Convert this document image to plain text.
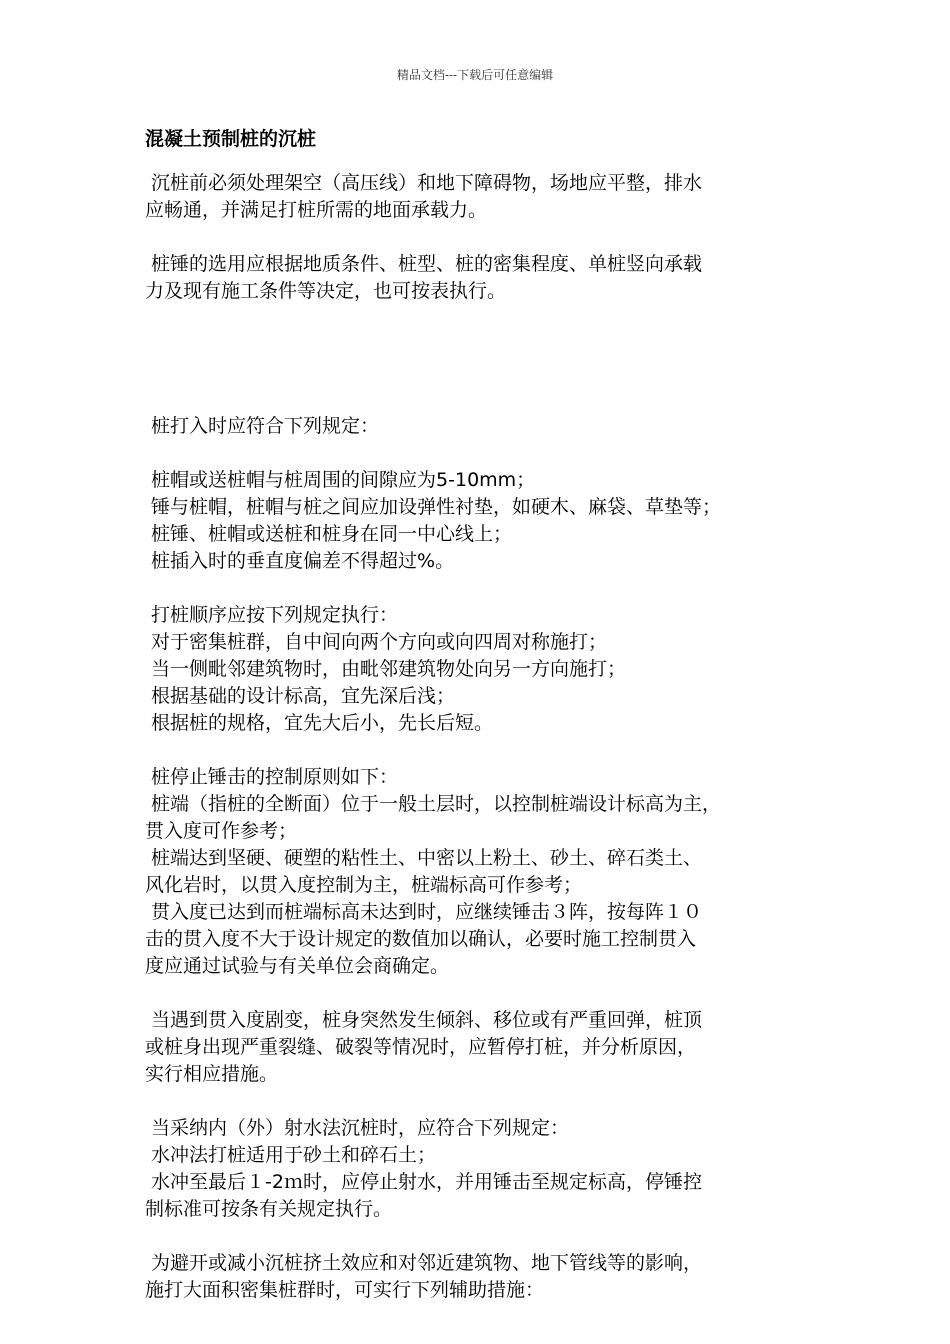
精品文档---下载后可任意编辑
混凝土预制桩的沉桩
沉桩前必须处理架空（高压线）和地下障碍物，场地应平整，排水
应畅通，并满足打桩所需的地面承载力。
桩锤的选用应根据地质条件、桩型、桩的密集程度、单桩竖向承载
力及现有施工条件等决定，也可按表执行。
桩打入时应符合下列规定：
桩帽或送桩帽与桩周围的间隙应为5-10mm；
锤与桩帽，桩帽与桩之间应加设弹性衬垫，如硬木、麻袋、草垫等；
桩锤、桩帽或送桩和桩身在同一中心线上；
桩插入时的垂直度偏差不得超过%。
打桩顺序应按下列规定执行：
对于密集桩群，自中间向两个方向或向四周对称施打；
当一侧毗邻建筑物时，由毗邻建筑物处向另一方向施打；
根据基础的设计标高，宜先深后浅；
根据桩的规格，宜先大后小，先长后短。
桩停止锤击的控制原则如下：
桩端（指桩的全断面）位于一般土层时，以控制桩端设计标高为主，
贯入度可作参考；
桩端达到坚硬、硬塑的粘性土、中密以上粉土、砂土、碎石类土、
风化岩时，以贯入度控制为主，桩端标高可作参考；
贯入度已达到而桩端标高未达到时，应继续锤击３阵，按每阵１０
击的贯入度不大于设计规定的数值加以确认，必要时施工控制贯入
度应通过试验与有关单位会商确定。
当遇到贯入度剧变，桩身突然发生倾斜、移位或有严重回弹，桩顶
或桩身出现严重裂缝、破裂等情况时，应暂停打桩，并分析原因，
实行相应措施。
当采纳内（外）射水法沉桩时，应符合下列规定：
水冲法打桩适用于砂土和碎石土；
水冲至最后１-2ｍ时，应停止射水，并用锤击至规定标高，停锤控
制标准可按条有关规定执行。
为避开或减小沉桩挤土效应和对邻近建筑物、地下管线等的影响，
施打大面积密集桩群时，可实行下列辅助措施：
